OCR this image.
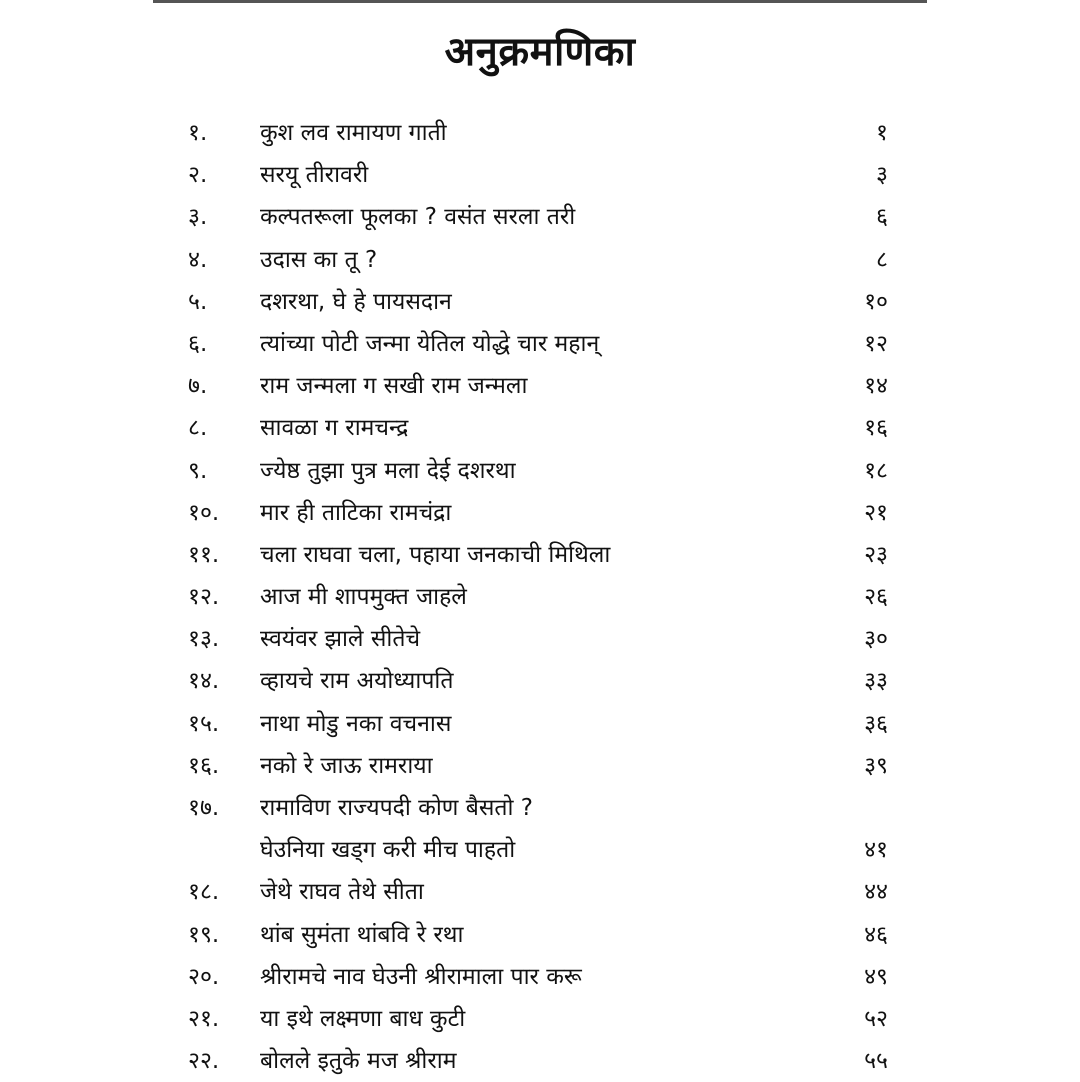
अनुक्रमणिका
१.	कुश लव रामायण गाती	१
२.	सरयू तीरावरी	३
३.	कल्पतरूला फूलका ? वसंत सरला तरी	६
४.	उदास का तू ?	८
५.	दशरथा, घे हे पायसदान	१०
६.	त्यांच्या पोटी जन्मा येतिल योद्धे चार महान्	१२
७.	राम जन्मला ग सखी राम जन्मला	१४
८.	सावळा ग रामचन्द्र	१६
९.	ज्येष्ठ तुझा पुत्र मला देई दशरथा	१८
१०.	मार ही ताटिका रामचंद्रा	२१
११.	चला राघवा चला, पहाया जनकाची मिथिला	२३
१२.	आज मी शापमुक्त जाहले	२६
१३.	स्वयंवर झाले सीतेचे	३०
१४.	व्हायचे राम अयोध्यापति	३३
१५.	नाथा मोडु नका वचनास	३६
१६.	नको रे जाऊ रामराया	३९
१७.	रामाविण राज्यपदी कोण बैसतो ?
घेउनिया खड्ग करी मीच पाहतो	४१
१८.	जेथे राघव तेथे सीता	४४
१९.	थांब सुमंता थांबवि रे रथा	४६
२०.	श्रीरामचे नाव घेउनी श्रीरामाला पार करू	४९
२१.	या इथे लक्ष्मणा बाध कुटी	५२
२२.	बोलले इतुके मज श्रीराम	५५
